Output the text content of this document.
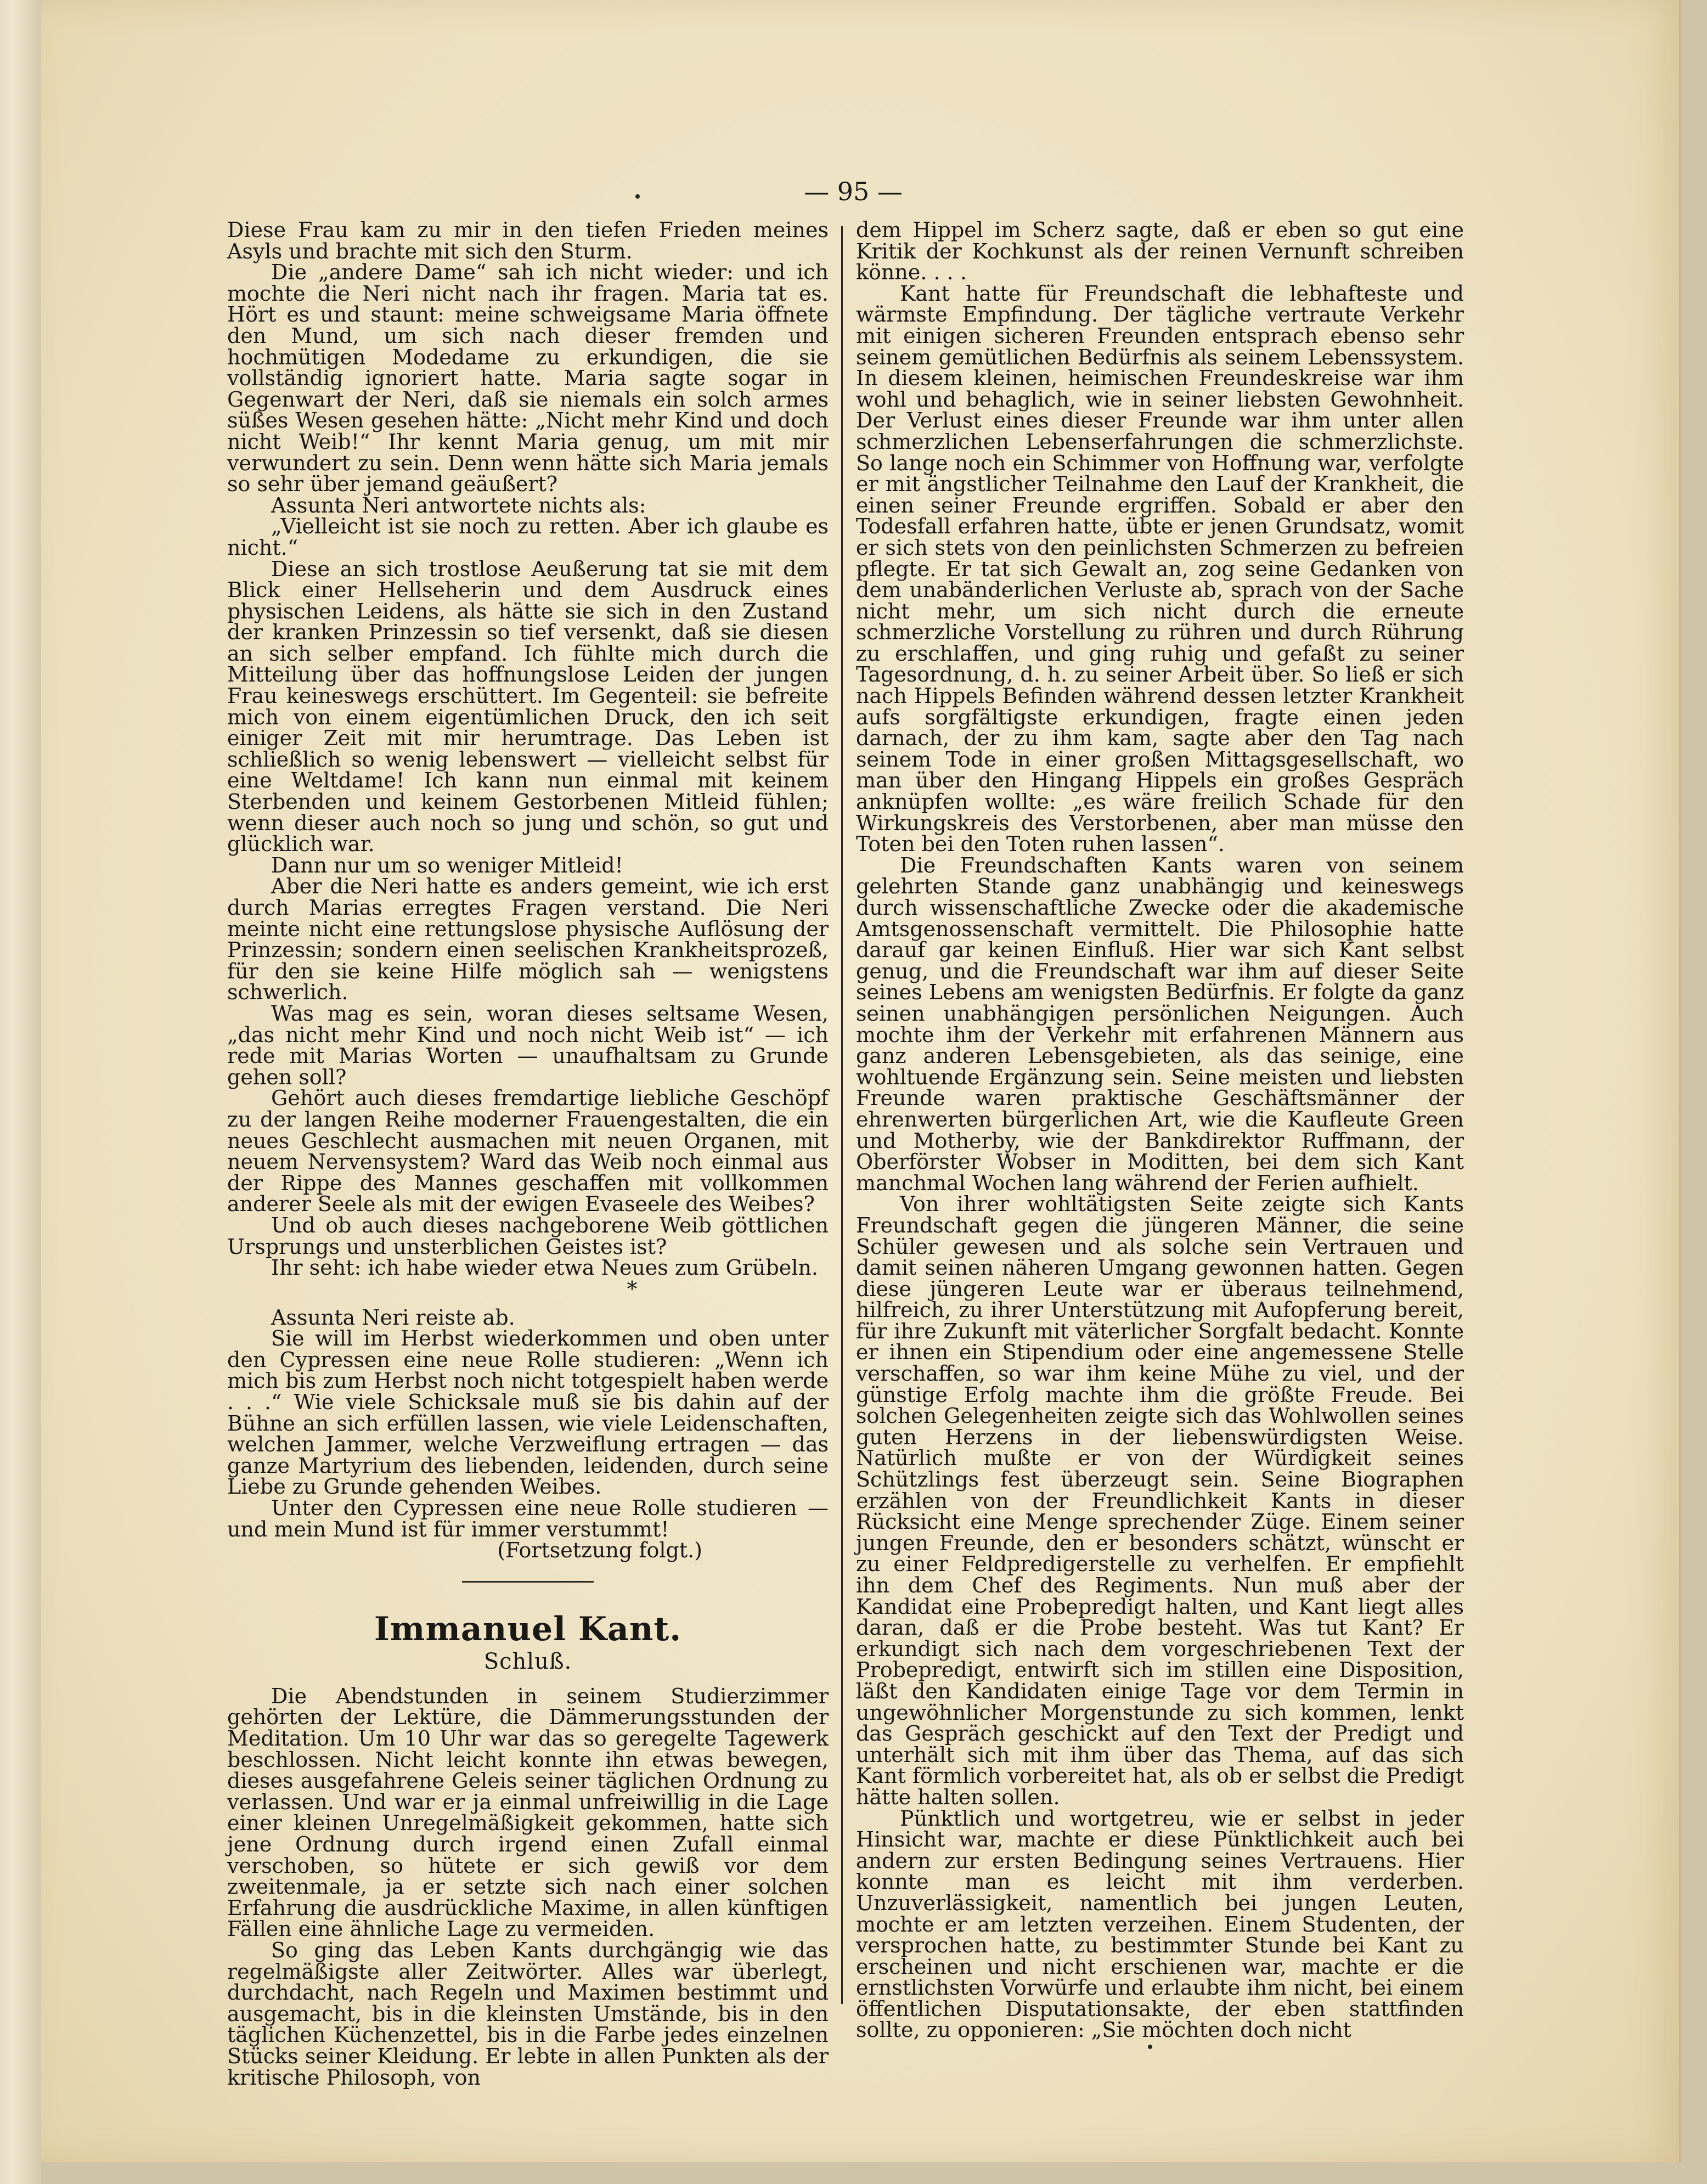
— 95 —

Diese Frau kam zu mir in den tiefen Frieden meines Asyls und brachte mit sich den Sturm.

Die „andere Dame“ sah ich nicht wieder: und ich mochte die Neri nicht nach ihr fragen. Maria tat es. Hört es und staunt: meine schweigsame Maria öffnete den Mund, um sich nach dieser fremden und hochmütigen Modedame zu erkundigen, die sie vollständig ignoriert hatte. Maria sagte sogar in Gegenwart der Neri, daß sie niemals ein solch armes süßes Wesen gesehen hätte: „Nicht mehr Kind und doch nicht Weib!“ Ihr kennt Maria genug, um mit mir verwundert zu sein. Denn wenn hätte sich Maria jemals so sehr über jemand geäußert?

Assunta Neri antwortete nichts als:

„Vielleicht ist sie noch zu retten. Aber ich glaube es nicht.“

Diese an sich trostlose Aeußerung tat sie mit dem Blick einer Hellseherin und dem Ausdruck eines physischen Leidens, als hätte sie sich in den Zustand der kranken Prinzessin so tief versenkt, daß sie diesen an sich selber empfand. Ich fühlte mich durch die Mitteilung über das hoffnungslose Leiden der jungen Frau keineswegs erschüttert. Im Gegenteil: sie befreite mich von einem eigentümlichen Druck, den ich seit einiger Zeit mit mir herumtrage. Das Leben ist schließlich so wenig lebenswert — vielleicht selbst für eine Weltdame! Ich kann nun einmal mit keinem Sterbenden und keinem Gestorbenen Mitleid fühlen; wenn dieser auch noch so jung und schön, so gut und glücklich war.

Dann nur um so weniger Mitleid!

Aber die Neri hatte es anders gemeint, wie ich erst durch Marias erregtes Fragen verstand. Die Neri meinte nicht eine rettungslose physische Auflösung der Prinzessin; sondern einen seelischen Krankheitsprozeß, für den sie keine Hilfe möglich sah — wenigstens schwerlich.

Was mag es sein, woran dieses seltsame Wesen, „das nicht mehr Kind und noch nicht Weib ist“ — ich rede mit Marias Worten — unaufhaltsam zu Grunde gehen soll?

Gehört auch dieses fremdartige liebliche Geschöpf zu der langen Reihe moderner Frauengestalten, die ein neues Geschlecht ausmachen mit neuen Organen, mit neuem Nervensystem? Ward das Weib noch einmal aus der Rippe des Mannes geschaffen mit vollkommen anderer Seele als mit der ewigen Evaseele des Weibes?

Und ob auch dieses nachgeborene Weib göttlichen Ursprungs und unsterblichen Geistes ist?

Ihr seht: ich habe wieder etwa Neues zum Grübeln.

*

Assunta Neri reiste ab.

Sie will im Herbst wiederkommen und oben unter den Cypressen eine neue Rolle studieren: „Wenn ich mich bis zum Herbst noch nicht totgespielt haben werde . . .“ Wie viele Schicksale muß sie bis dahin auf der Bühne an sich erfüllen lassen, wie viele Leidenschaften, welchen Jammer, welche Verzweiflung ertragen — das ganze Martyrium des liebenden, leidenden, durch seine Liebe zu Grunde gehenden Weibes.

Unter den Cypressen eine neue Rolle studieren — und mein Mund ist für immer verstummt!

(Fortsetzung folgt.)

Immanuel Kant.
Schluß.

Die Abendstunden in seinem Studierzimmer gehörten der Lektüre, die Dämmerungsstunden der Meditation. Um 10 Uhr war das so geregelte Tagewerk beschlossen. Nicht leicht konnte ihn etwas bewegen, dieses ausgefahrene Geleis seiner täglichen Ordnung zu verlassen. Und war er ja einmal unfreiwillig in die Lage einer kleinen Unregelmäßigkeit gekommen, hatte sich jene Ordnung durch irgend einen Zufall einmal verschoben, so hütete er sich gewiß vor dem zweitenmale, ja er setzte sich nach einer solchen Erfahrung die ausdrückliche Maxime, in allen künftigen Fällen eine ähnliche Lage zu vermeiden.

So ging das Leben Kants durchgängig wie das regelmäßigste aller Zeitwörter. Alles war überlegt, durchdacht, nach Regeln und Maximen bestimmt und ausgemacht, bis in die kleinsten Umstände, bis in den täglichen Küchenzettel, bis in die Farbe jedes einzelnen Stücks seiner Kleidung. Er lebte in allen Punkten als der kritische Philosoph, von

dem Hippel im Scherz sagte, daß er eben so gut eine Kritik der Kochkunst als der reinen Vernunft schreiben könne. . . .

Kant hatte für Freundschaft die lebhafteste und wärmste Empfindung. Der tägliche vertraute Verkehr mit einigen sicheren Freunden entsprach ebenso sehr seinem gemütlichen Bedürfnis als seinem Lebenssystem. In diesem kleinen, heimischen Freundeskreise war ihm wohl und behaglich, wie in seiner liebsten Gewohnheit. Der Verlust eines dieser Freunde war ihm unter allen schmerzlichen Lebenserfahrungen die schmerzlichste. So lange noch ein Schimmer von Hoffnung war, verfolgte er mit ängstlicher Teilnahme den Lauf der Krankheit, die einen seiner Freunde ergriffen. Sobald er aber den Todesfall erfahren hatte, übte er jenen Grundsatz, womit er sich stets von den peinlichsten Schmerzen zu befreien pflegte. Er tat sich Gewalt an, zog seine Gedanken von dem unabänderlichen Verluste ab, sprach von der Sache nicht mehr, um sich nicht durch die erneute schmerzliche Vorstellung zu rühren und durch Rührung zu erschlaffen, und ging ruhig und gefaßt zu seiner Tagesordnung, d. h. zu seiner Arbeit über. So ließ er sich nach Hippels Befinden während dessen letzter Krankheit aufs sorgfältigste erkundigen, fragte einen jeden darnach, der zu ihm kam, sagte aber den Tag nach seinem Tode in einer großen Mittagsgesellschaft, wo man über den Hingang Hippels ein großes Gespräch anknüpfen wollte: „es wäre freilich Schade für den Wirkungskreis des Verstorbenen, aber man müsse den Toten bei den Toten ruhen lassen“.

Die Freundschaften Kants waren von seinem gelehrten Stande ganz unabhängig und keineswegs durch wissenschaftliche Zwecke oder die akademische Amtsgenossenschaft vermittelt. Die Philosophie hatte darauf gar keinen Einfluß. Hier war sich Kant selbst genug, und die Freundschaft war ihm auf dieser Seite seines Lebens am wenigsten Bedürfnis. Er folgte da ganz seinen unabhängigen persönlichen Neigungen. Auch mochte ihm der Verkehr mit erfahrenen Männern aus ganz anderen Lebensgebieten, als das seinige, eine wohltuende Ergänzung sein. Seine meisten und liebsten Freunde waren praktische Geschäftsmänner der ehrenwerten bürgerlichen Art, wie die Kaufleute Green und Motherby, wie der Bankdirektor Ruffmann, der Oberförster Wobser in Moditten, bei dem sich Kant manchmal Wochen lang während der Ferien aufhielt.

Von ihrer wohltätigsten Seite zeigte sich Kants Freundschaft gegen die jüngeren Männer, die seine Schüler gewesen und als solche sein Vertrauen und damit seinen näheren Umgang gewonnen hatten. Gegen diese jüngeren Leute war er überaus teilnehmend, hilfreich, zu ihrer Unterstützung mit Aufopferung bereit, für ihre Zukunft mit väterlicher Sorgfalt bedacht. Konnte er ihnen ein Stipendium oder eine angemessene Stelle verschaffen, so war ihm keine Mühe zu viel, und der günstige Erfolg machte ihm die größte Freude. Bei solchen Gelegenheiten zeigte sich das Wohlwollen seines guten Herzens in der liebenswürdigsten Weise. Natürlich mußte er von der Würdigkeit seines Schützlings fest überzeugt sein. Seine Biographen erzählen von der Freundlichkeit Kants in dieser Rücksicht eine Menge sprechender Züge. Einem seiner jungen Freunde, den er besonders schätzt, wünscht er zu einer Feldpredigerstelle zu verhelfen. Er empfiehlt ihn dem Chef des Regiments. Nun muß aber der Kandidat eine Probepredigt halten, und Kant liegt alles daran, daß er die Probe besteht. Was tut Kant? Er erkundigt sich nach dem vorgeschriebenen Text der Probepredigt, entwirft sich im stillen eine Disposition, läßt den Kandidaten einige Tage vor dem Termin in ungewöhnlicher Morgenstunde zu sich kommen, lenkt das Gespräch geschickt auf den Text der Predigt und unterhält sich mit ihm über das Thema, auf das sich Kant förmlich vorbereitet hat, als ob er selbst die Predigt hätte halten sollen.

Pünktlich und wortgetreu, wie er selbst in jeder Hinsicht war, machte er diese Pünktlichkeit auch bei andern zur ersten Bedingung seines Vertrauens. Hier konnte man es leicht mit ihm verderben. Unzuverlässigkeit, namentlich bei jungen Leuten, mochte er am letzten verzeihen. Einem Studenten, der versprochen hatte, zu bestimmter Stunde bei Kant zu erscheinen und nicht erschienen war, machte er die ernstlichsten Vorwürfe und erlaubte ihm nicht, bei einem öffentlichen Disputationsakte, der eben stattfinden sollte, zu opponieren: „Sie möchten doch nicht
